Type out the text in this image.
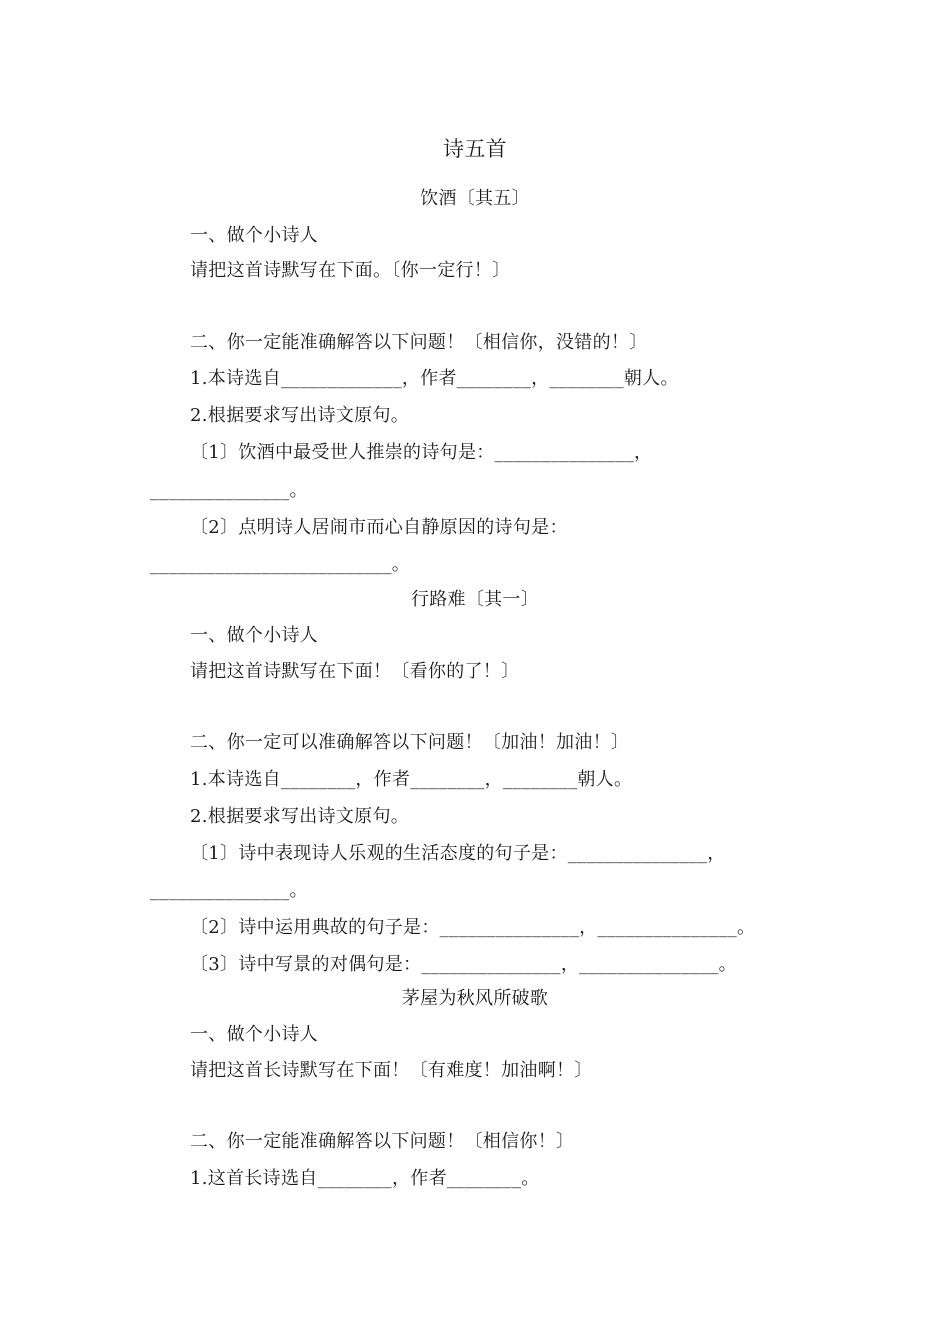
诗五首
饮酒〔其五〕
一、做个小诗人
请把这首诗默写在下面。〔你一定行！〕
二、你一定能准确解答以下问题！〔相信你，没错的！〕
1.本诗选自_____________，作者________，________朝人。
2.根据要求写出诗文原句。
〔1〕饮酒中最受世人推崇的诗句是：_______________，
_______________。
〔2〕点明诗人居闹市而心自静原因的诗句是：
__________________________。
行路难〔其一〕
一、做个小诗人
请把这首诗默写在下面！〔看你的了！〕
二、你一定可以准确解答以下问题！〔加油！加油！〕
1.本诗选自________，作者________，________朝人。
2.根据要求写出诗文原句。
〔1〕诗中表现诗人乐观的生活态度的句子是：_______________，
_______________。
〔2〕诗中运用典故的句子是：_______________，_______________。
〔3〕诗中写景的对偶句是：_______________，_______________。
茅屋为秋风所破歌
一、做个小诗人
请把这首长诗默写在下面！〔有难度！加油啊！〕
二、你一定能准确解答以下问题！〔相信你！〕
1.这首长诗选自________，作者________。
